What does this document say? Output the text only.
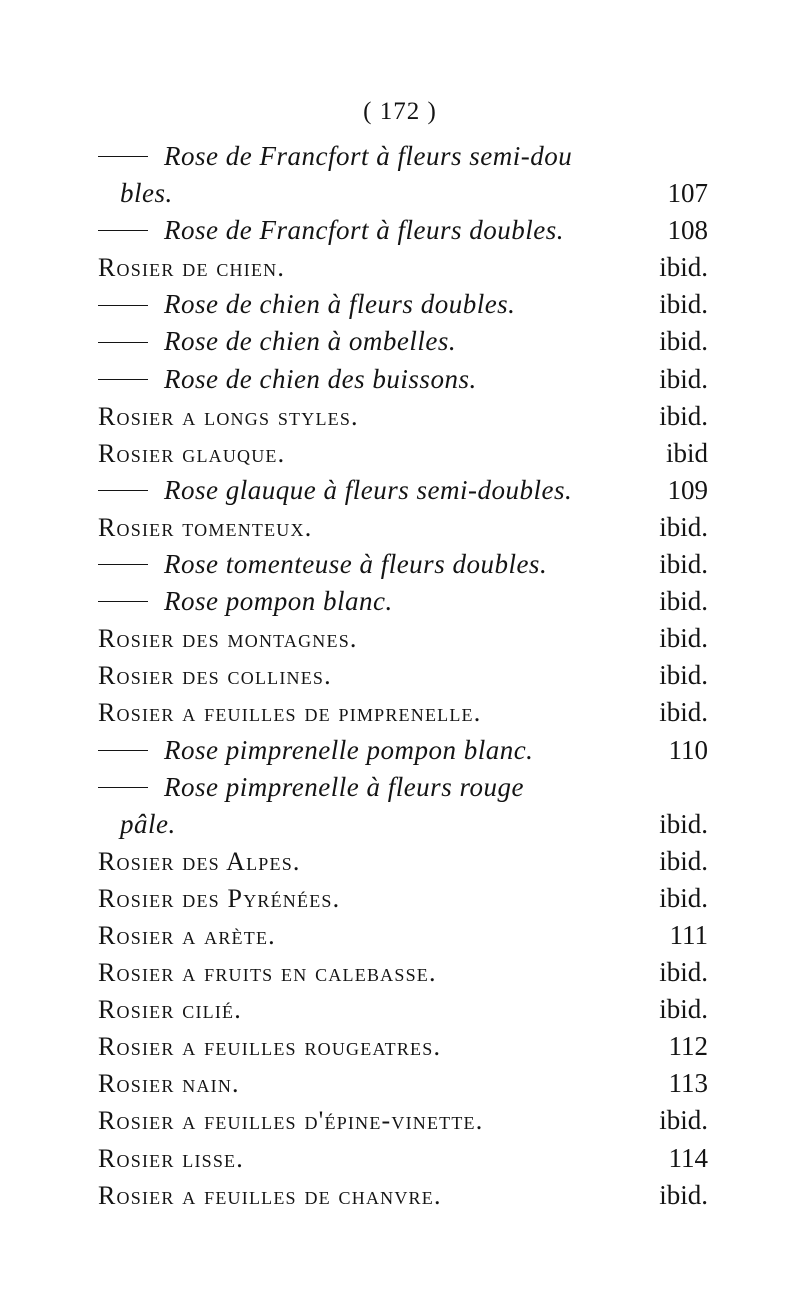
( 172 )
Rose de Francfort à fleurs semi-dou
bles.	107
Rose de Francfort à fleurs doubles.	108
Rosier de chien.	ibid.
Rose de chien à fleurs doubles.	ibid.
Rose de chien à ombelles.	ibid.
Rose de chien des buissons.	ibid.
Rosier a longs styles.	ibid.
Rosier glauque.	ibid
Rose glauque à fleurs semi-doubles.	109
Rosier tomenteux.	ibid.
Rose tomenteuse à fleurs doubles.	ibid.
Rose pompon blanc.	ibid.
Rosier des montagnes.	ibid.
Rosier des collines.	ibid.
Rosier a feuilles de pimprenelle.	ibid.
Rose pimprenelle pompon blanc.	110
Rose pimprenelle à fleurs rouge
pâle.	ibid.
Rosier des Alpes.	ibid.
Rosier des Pyrénées.	ibid.
Rosier a arète.	111
Rosier a fruits en calebasse.	ibid.
Rosier cilié.	ibid.
Rosier a feuilles rougeatres.	112
Rosier nain.	113
Rosier a feuilles d'épine-vinette.	ibid.
Rosier lisse.	114
Rosier a feuilles de chanvre.	ibid.
